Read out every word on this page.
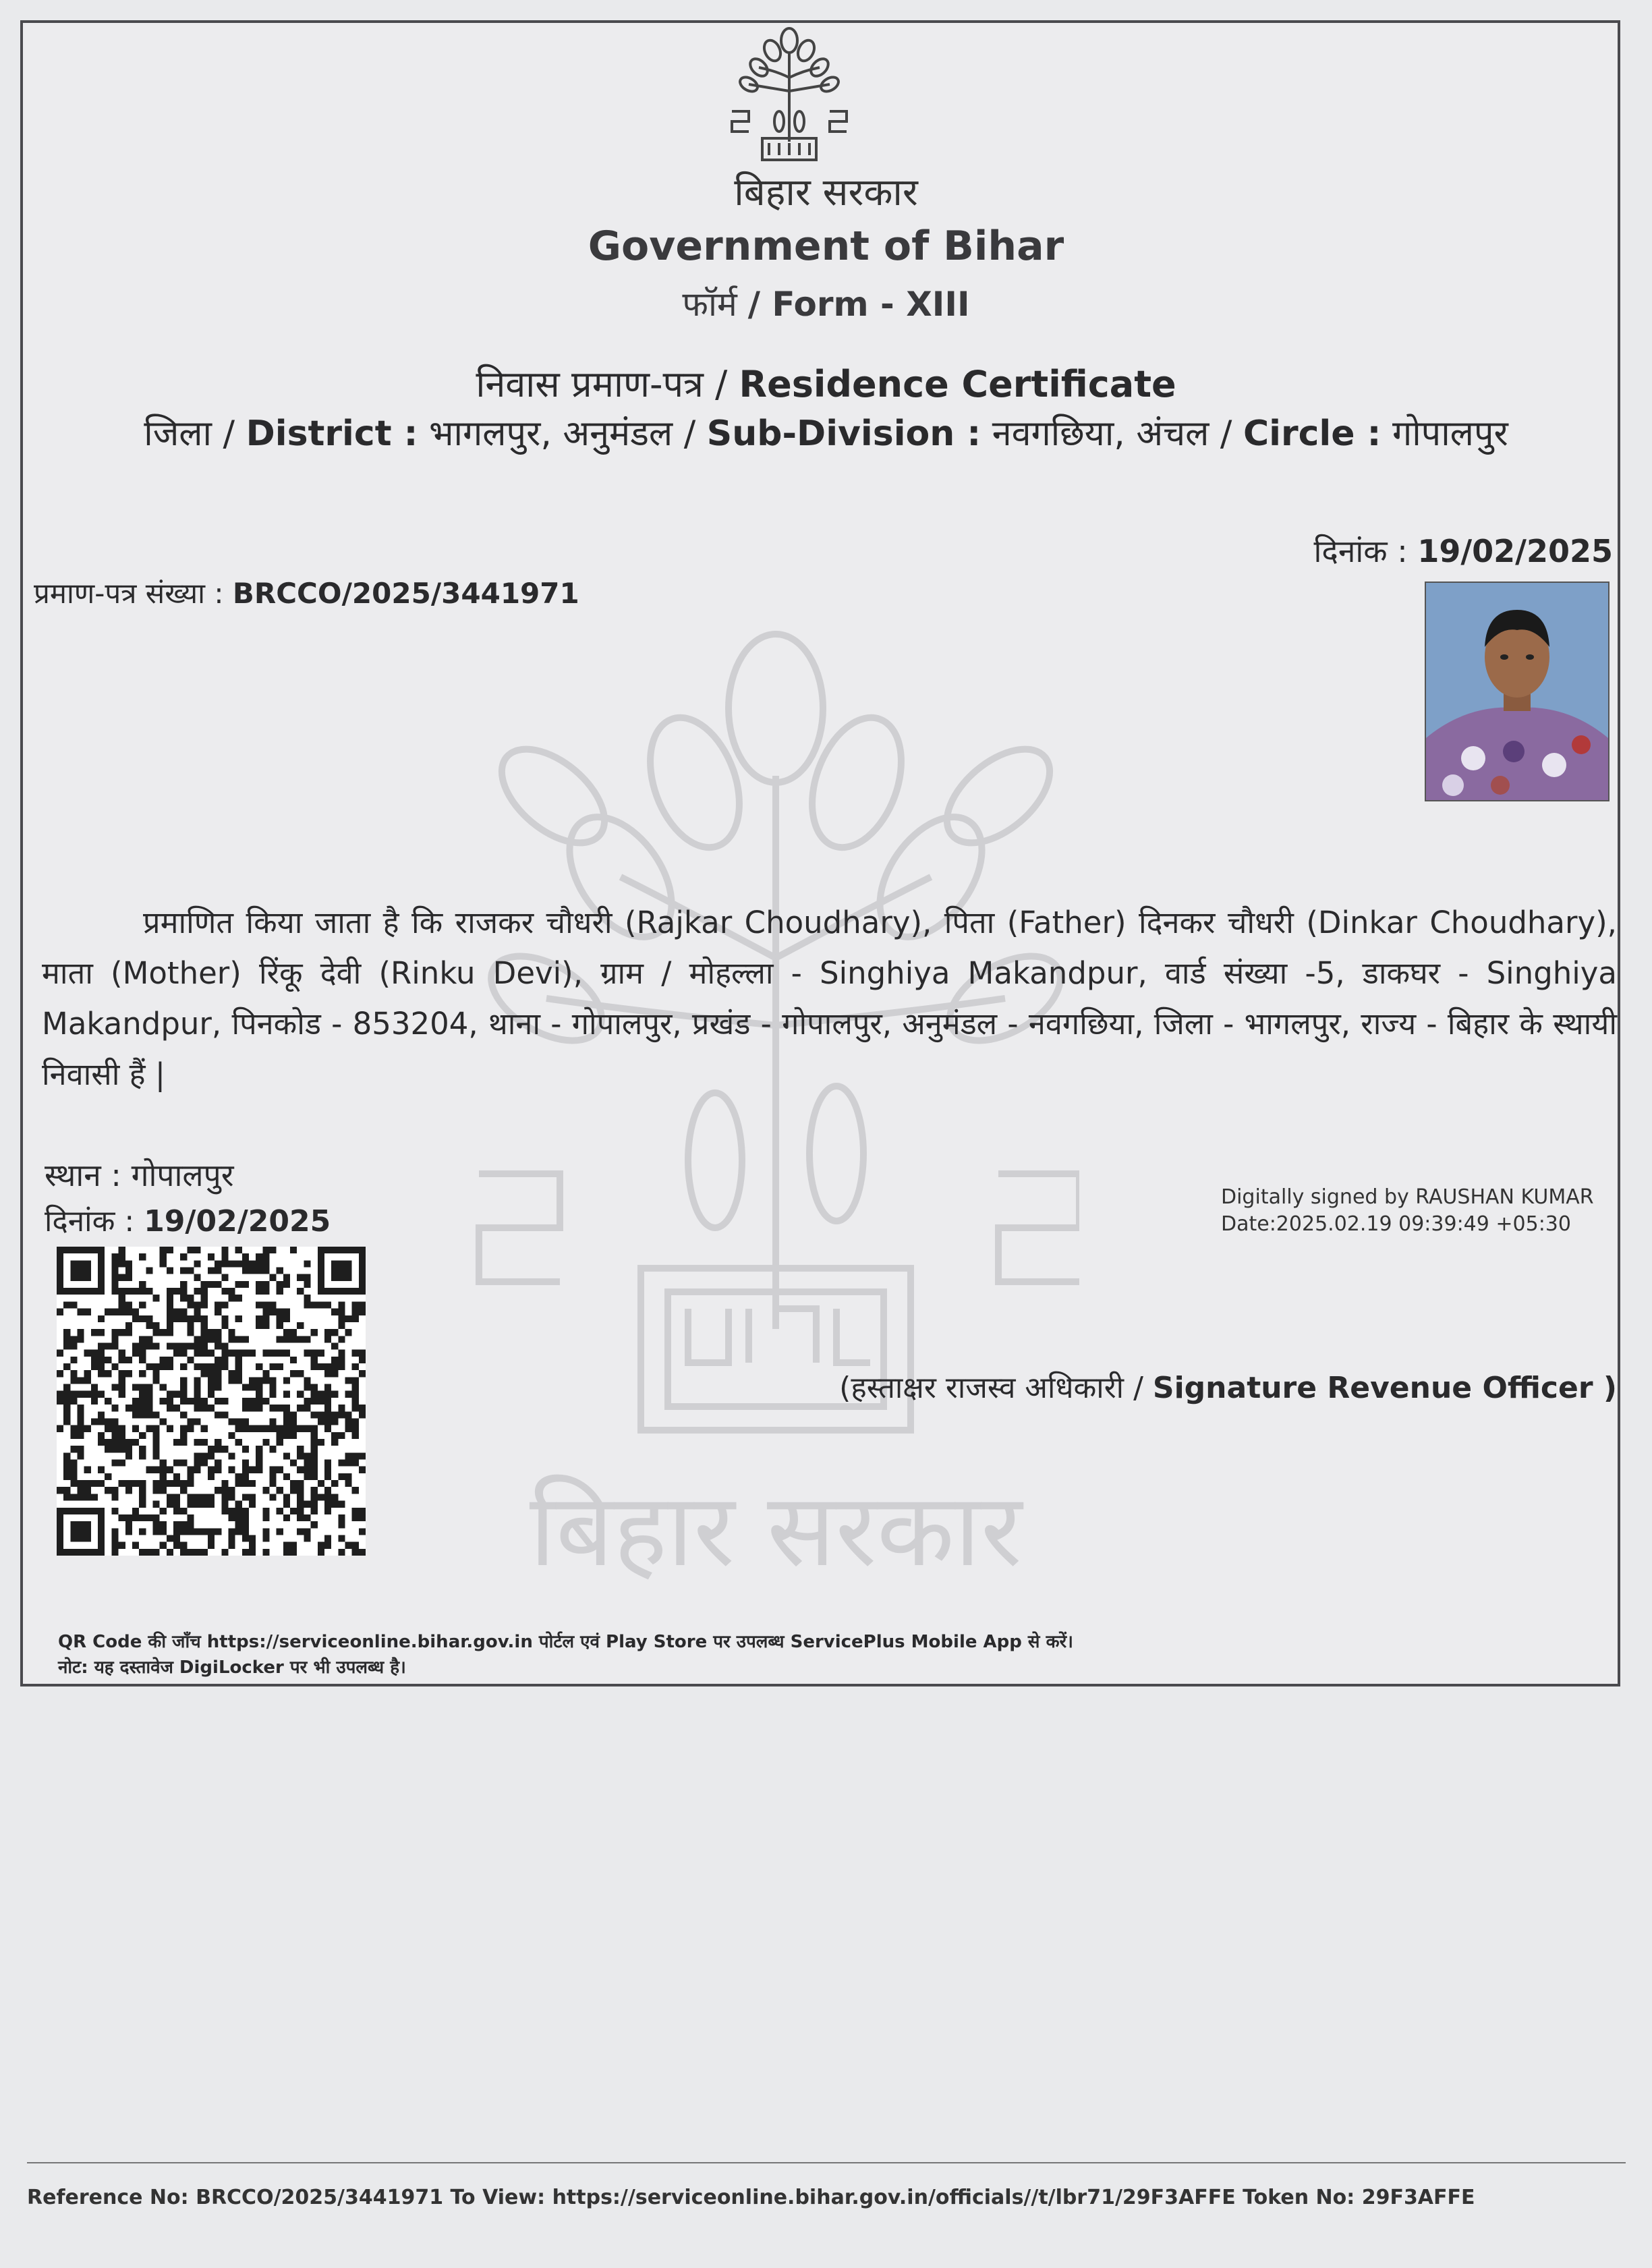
बिहार सरकार
बिहार सरकार
Government of Bihar
फॉर्म / Form - XIII
निवास प्रमाण-पत्र / Residence Certificate
जिला / District : भागलपुर, अनुमंडल / Sub-Division : नवगछिया, अंचल / Circle : गोपालपुर
दिनांक : 19/02/2025
प्रमाण-पत्र संख्या : BRCCO/2025/3441971
प्रमाणित किया जाता है कि राजकर चौधरी (Rajkar Choudhary), पिता (Father) दिनकर चौधरी (Dinkar Choudhary), माता (Mother) रिंकू देवी (Rinku Devi), ग्राम / मोहल्ला - Singhiya Makandpur, वार्ड संख्या -5, डाकघर - Singhiya Makandpur, पिनकोड - 853204, थाना - गोपालपुर, प्रखंड - गोपालपुर, अनुमंडल - नवगछिया, जिला - भागलपुर, राज्य - बिहार के स्थायी निवासी हैं |
स्थान : गोपालपुर
दिनांक : 19/02/2025
Digitally signed by RAUSHAN KUMAR
Date:2025.02.19 09:39:49 +05:30
(हस्ताक्षर राजस्व अधिकारी / Signature Revenue Officer )
QR Code की जाँच https://serviceonline.bihar.gov.in पोर्टल एवं Play Store पर उपलब्ध ServicePlus Mobile App से करें।
नोट: यह दस्तावेज DigiLocker पर भी उपलब्ध है।
Reference No: BRCCO/2025/3441971 To View: https://serviceonline.bihar.gov.in/officials//t/lbr71/29F3AFFE Token No: 29F3AFFE
